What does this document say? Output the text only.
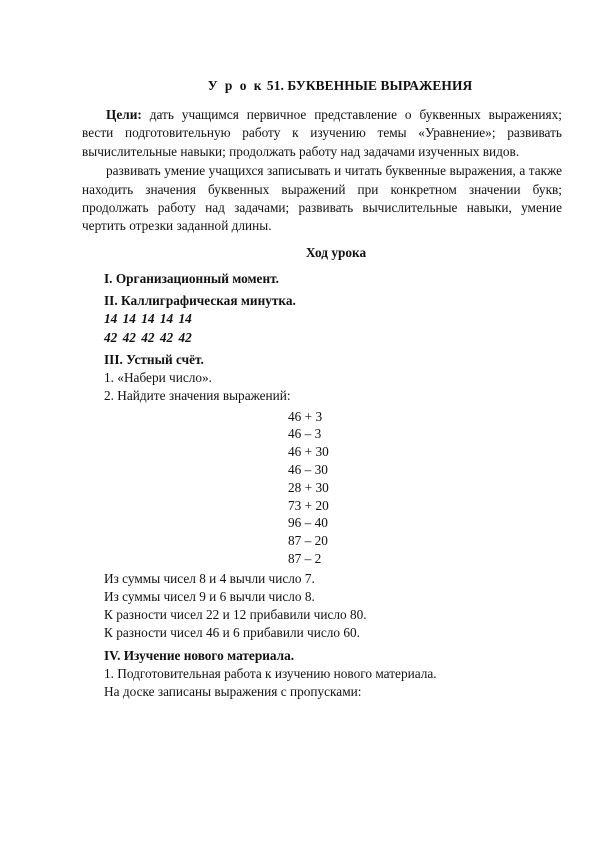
У р о к 51. БУКВЕННЫЕ ВЫРАЖЕНИЯ

Цели: дать учащимся первичное представление о буквенных выражениях; вести подготовительную работу к изучению темы «Уравнение»; развивать вычислительные навыки; продолжать работу над задачами изученных видов.

развивать умение учащихся записывать и читать буквенные выражения, а также находить значения буквенных выражений при конкретном значении букв; продолжать работу над задачами; развивать вычислительные навыки, умение чертить отрезки заданной длины.

Ход урока

I. Организационный момент.

II. Каллиграфическая минутка.

14 14 14 14 14

42 42 42 42 42

III. Устный счёт.

1. «Набери число».

2. Найдите значения выражений:

46 + 3
46 – 3
46 + 30
46 – 30
28 + 30
73 + 20
96 – 40
87 – 20
87 – 2

Из суммы чисел 8 и 4 вычли число 7.

Из суммы чисел 9 и 6 вычли число 8.

К разности чисел 22 и 12 прибавили число 80.

К разности чисел 46 и 6 прибавили число 60.

IV. Изучение нового материала.

1. Подготовительная работа к изучению нового материала.

На доске записаны выражения с пропусками:
